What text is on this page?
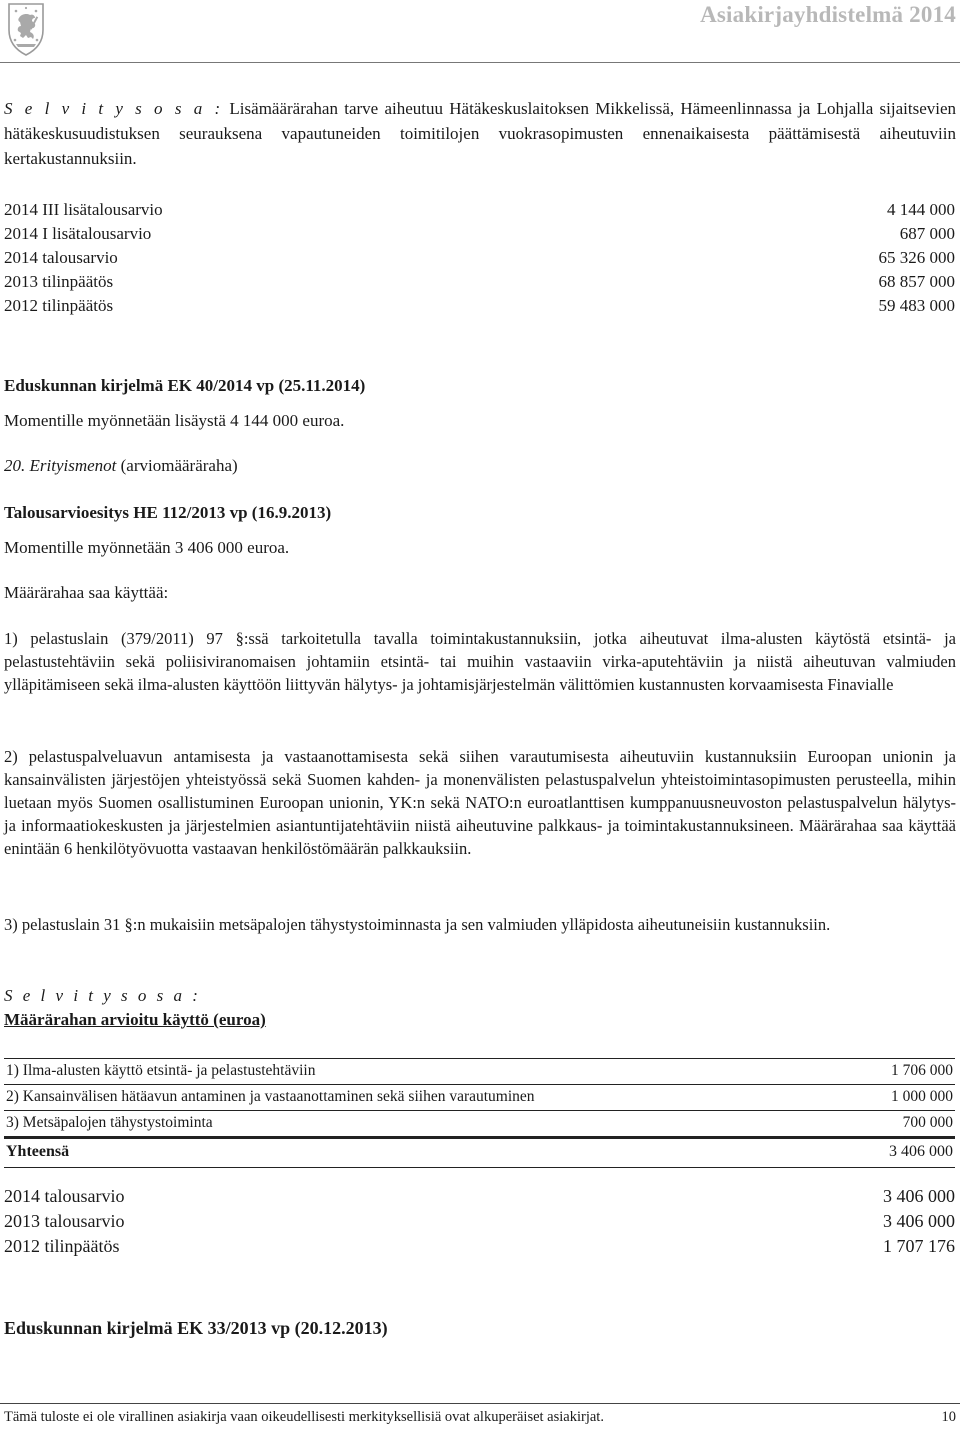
Asiakirjayhdistelmä 2014
S e l v i t y s o s a : Lisämäärärahan tarve aiheutuu Hätäkeskuslaitoksen Mikkelissä, Hämeenlinnassa ja Lohjalla sijaitsevien hätäkeskusuudistuksen seurauksena vapautuneiden toimitilojen vuokrasopimusten ennenaikaisesta päättämisestä aiheutuviin kertakustannuksiin.
2014 III lisätalousarvio	4 144 000
2014 I lisätalousarvio	687 000
2014 talousarvio	65 326 000
2013 tilinpäätös	68 857 000
2012 tilinpäätös	59 483 000
Eduskunnan kirjelmä EK 40/2014 vp (25.11.2014)
Momentille myönnetään lisäystä 4 144 000 euroa.
20. Erityismenot (arviomääräraha)
Talousarvioesitys HE 112/2013 vp (16.9.2013)
Momentille myönnetään 3 406 000 euroa.
Määrärahaa saa käyttää:
1) pelastuslain (379/2011) 97 §:ssä tarkoitetulla tavalla toimintakustannuksiin, jotka aiheutuvat ilma-alusten käytöstä etsintä- ja pelastustehtäviin sekä poliisiviranomaisen johtamiin etsintä- tai muihin vastaaviin virka-aputehtäviin ja niistä aiheutuvan valmiuden ylläpitämiseen sekä ilma-alusten käyttöön liittyvän hälytys- ja johtamisjärjestelmän välittömien kustannusten korvaamisesta Finavialle
2) pelastuspalveluavun antamisesta ja vastaanottamisesta sekä siihen varautumisesta aiheutuviin kustannuksiin Euroopan unionin ja kansainvälisten järjestöjen yhteistyössä sekä Suomen kahden- ja monenvälisten pelastuspalvelun yhteistoimintasopimusten perusteella, mihin luetaan myös Suomen osallistuminen Euroopan unionin, YK:n sekä NATO:n euroatlanttisen kumppanuusneuvoston pelastuspalvelun hälytys- ja informaatiokeskusten ja järjestelmien asiantuntijatehtäviin niistä aiheutuvine palkkaus- ja toimintakustannuksineen. Määrärahaa saa käyttää enintään 6 henkilötyövuotta vastaavan henkilöstömäärän palkkauksiin.
3) pelastuslain 31 §:n mukaisiin metsäpalojen tähystystoiminnasta ja sen valmiuden ylläpidosta aiheutuneisiin kustannuksiin.
S e l v i t y s o s a :
Määrärahan arvioitu käyttö (euroa)
1) Ilma-alusten käyttö etsintä- ja pelastustehtäviin	1 706 000
2) Kansainvälisen hätäavun antaminen ja vastaanottaminen sekä siihen varautuminen	1 000 000
3) Metsäpalojen tähystystoiminta	700 000
Yhteensä	3 406 000
2014 talousarvio	3 406 000
2013 talousarvio	3 406 000
2012 tilinpäätös	1 707 176
Eduskunnan kirjelmä EK 33/2013 vp (20.12.2013)
Tämä tuloste ei ole virallinen asiakirja vaan oikeudellisesti merkityksellisiä ovat alkuperäiset asiakirjat.	10
